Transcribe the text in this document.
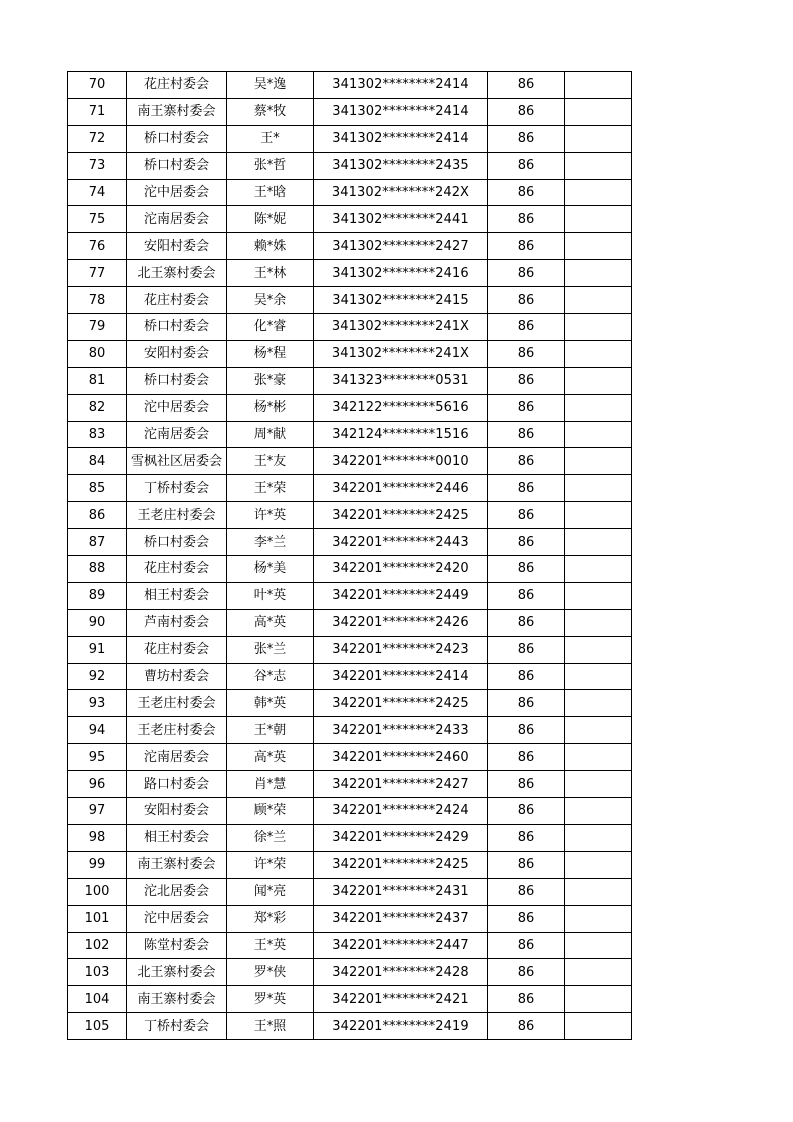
70	花庄村委会	吴*逸	341302********2414	86	
71	南王寨村委会	蔡*牧	341302********2414	86	
72	桥口村委会	王*	341302********2414	86	
73	桥口村委会	张*哲	341302********2435	86	
74	沱中居委会	王*晗	341302********242X	86	
75	沱南居委会	陈*妮	341302********2441	86	
76	安阳村委会	赖*姝	341302********2427	86	
77	北王寨村委会	王*林	341302********2416	86	
78	花庄村委会	吴*余	341302********2415	86	
79	桥口村委会	化*睿	341302********241X	86	
80	安阳村委会	杨*程	341302********241X	86	
81	桥口村委会	张*豪	341323********0531	86	
82	沱中居委会	杨*彬	342122********5616	86	
83	沱南居委会	周*献	342124********1516	86	
84	雪枫社区居委会	王*友	342201********0010	86	
85	丁桥村委会	王*荣	342201********2446	86	
86	王老庄村委会	许*英	342201********2425	86	
87	桥口村委会	李*兰	342201********2443	86	
88	花庄村委会	杨*美	342201********2420	86	
89	相王村委会	叶*英	342201********2449	86	
90	芦南村委会	高*英	342201********2426	86	
91	花庄村委会	张*兰	342201********2423	86	
92	曹坊村委会	谷*志	342201********2414	86	
93	王老庄村委会	韩*英	342201********2425	86	
94	王老庄村委会	王*朝	342201********2433	86	
95	沱南居委会	高*英	342201********2460	86	
96	路口村委会	肖*慧	342201********2427	86	
97	安阳村委会	顾*荣	342201********2424	86	
98	相王村委会	徐*兰	342201********2429	86	
99	南王寨村委会	许*荣	342201********2425	86	
100	沱北居委会	闻*亮	342201********2431	86	
101	沱中居委会	郑*彩	342201********2437	86	
102	陈堂村委会	王*英	342201********2447	86	
103	北王寨村委会	罗*侠	342201********2428	86	
104	南王寨村委会	罗*英	342201********2421	86	
105	丁桥村委会	王*照	342201********2419	86	
